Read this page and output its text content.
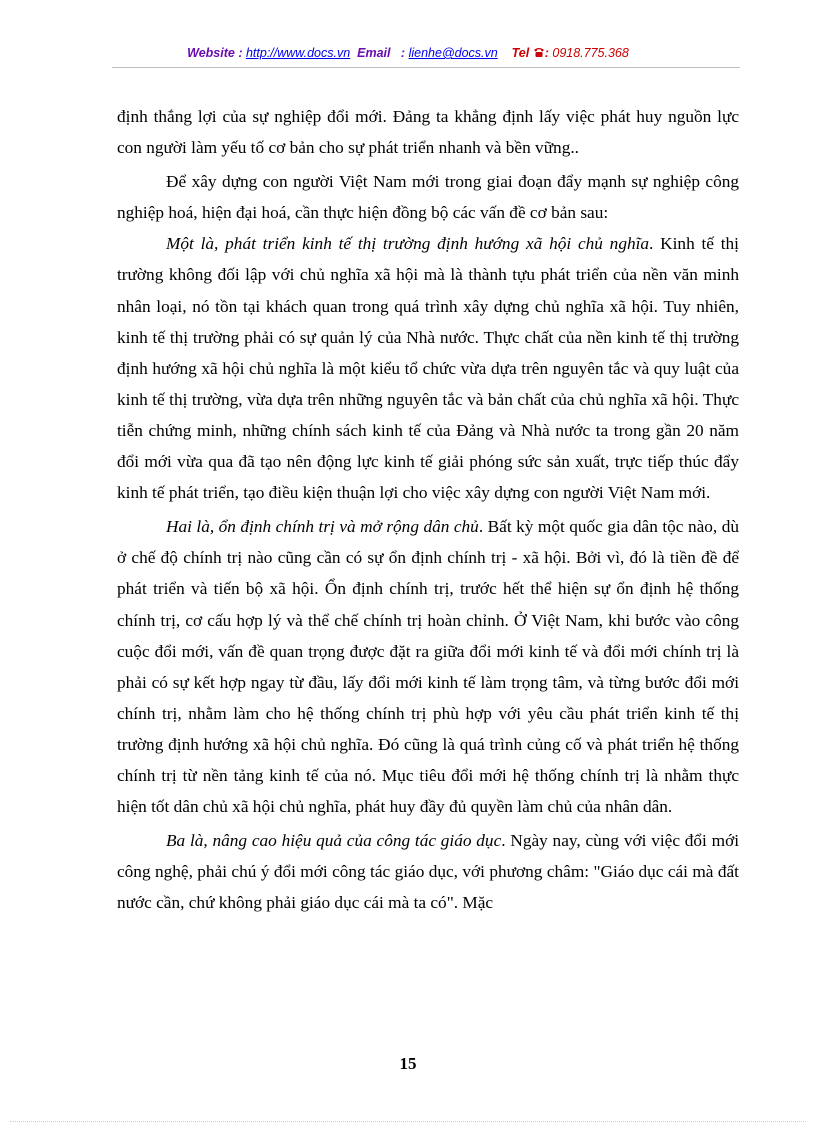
Website : http://www.docs.vn Email : lienhe@docs.vn Tel : 0918.775.368

định thắng lợi của sự nghiệp đổi mới. Đảng ta khẳng định lấy việc phát huy nguồn lực con người làm yếu tố cơ bản cho sự phát triển nhanh và bền vững..

Để xây dựng con người Việt Nam mới trong giai đoạn đẩy mạnh sự nghiệp công nghiệp hoá, hiện đại hoá, cần thực hiện đồng bộ các vấn đề cơ bản sau:

Một là, phát triển kinh tế thị trường định hướng xã hội chủ nghĩa. Kinh tế thị trường không đối lập với chủ nghĩa xã hội mà là thành tựu phát triển của nền văn minh nhân loại, nó tồn tại khách quan trong quá trình xây dựng chủ nghĩa xã hội. Tuy nhiên, kinh tế thị trường phải có sự quản lý của Nhà nước. Thực chất của nền kinh tế thị trường định hướng xã hội chủ nghĩa là một kiểu tổ chức vừa dựa trên nguyên tắc và quy luật của kinh tế thị trường, vừa dựa trên những nguyên tắc và bản chất của chủ nghĩa xã hội. Thực tiễn chứng minh, những chính sách kinh tế của Đảng và Nhà nước ta trong gần 20 năm đổi mới vừa qua đã tạo nên động lực kinh tế giải phóng sức sản xuất, trực tiếp thúc đẩy kinh tế phát triển, tạo điều kiện thuận lợi cho việc xây dựng con người Việt Nam mới.

Hai là, ổn định chính trị và mở rộng dân chủ. Bất kỳ một quốc gia dân tộc nào, dù ở chế độ chính trị nào cũng cần có sự ổn định chính trị - xã hội. Bởi vì, đó là tiền đề để phát triển và tiến bộ xã hội. Ổn định chính trị, trước hết thể hiện sự ổn định hệ thống chính trị, cơ cấu hợp lý và thể chế chính trị hoàn chỉnh. Ở Việt Nam, khi bước vào công cuộc đổi mới, vấn đề quan trọng được đặt ra giữa đổi mới kinh tế và đổi mới chính trị là phải có sự kết hợp ngay từ đầu, lấy đổi mới kinh tế làm trọng tâm, và từng bước đổi mới chính trị, nhằm làm cho hệ thống chính trị phù hợp với yêu cầu phát triển kinh tế thị trường định hướng xã hội chủ nghĩa. Đó cũng là quá trình củng cố và phát triển hệ thống chính trị từ nền tảng kinh tế của nó. Mục tiêu đổi mới hệ thống chính trị là nhằm thực hiện tốt dân chủ xã hội chủ nghĩa, phát huy đầy đủ quyền làm chủ của nhân dân.

Ba là, nâng cao hiệu quả của công tác giáo dục. Ngày nay, cùng với việc đổi mới công nghệ, phải chú ý đổi mới công tác giáo dục, với phương châm: "Giáo dục cái mà đất nước cần, chứ không phải giáo dục cái mà ta có". Mặc

15
